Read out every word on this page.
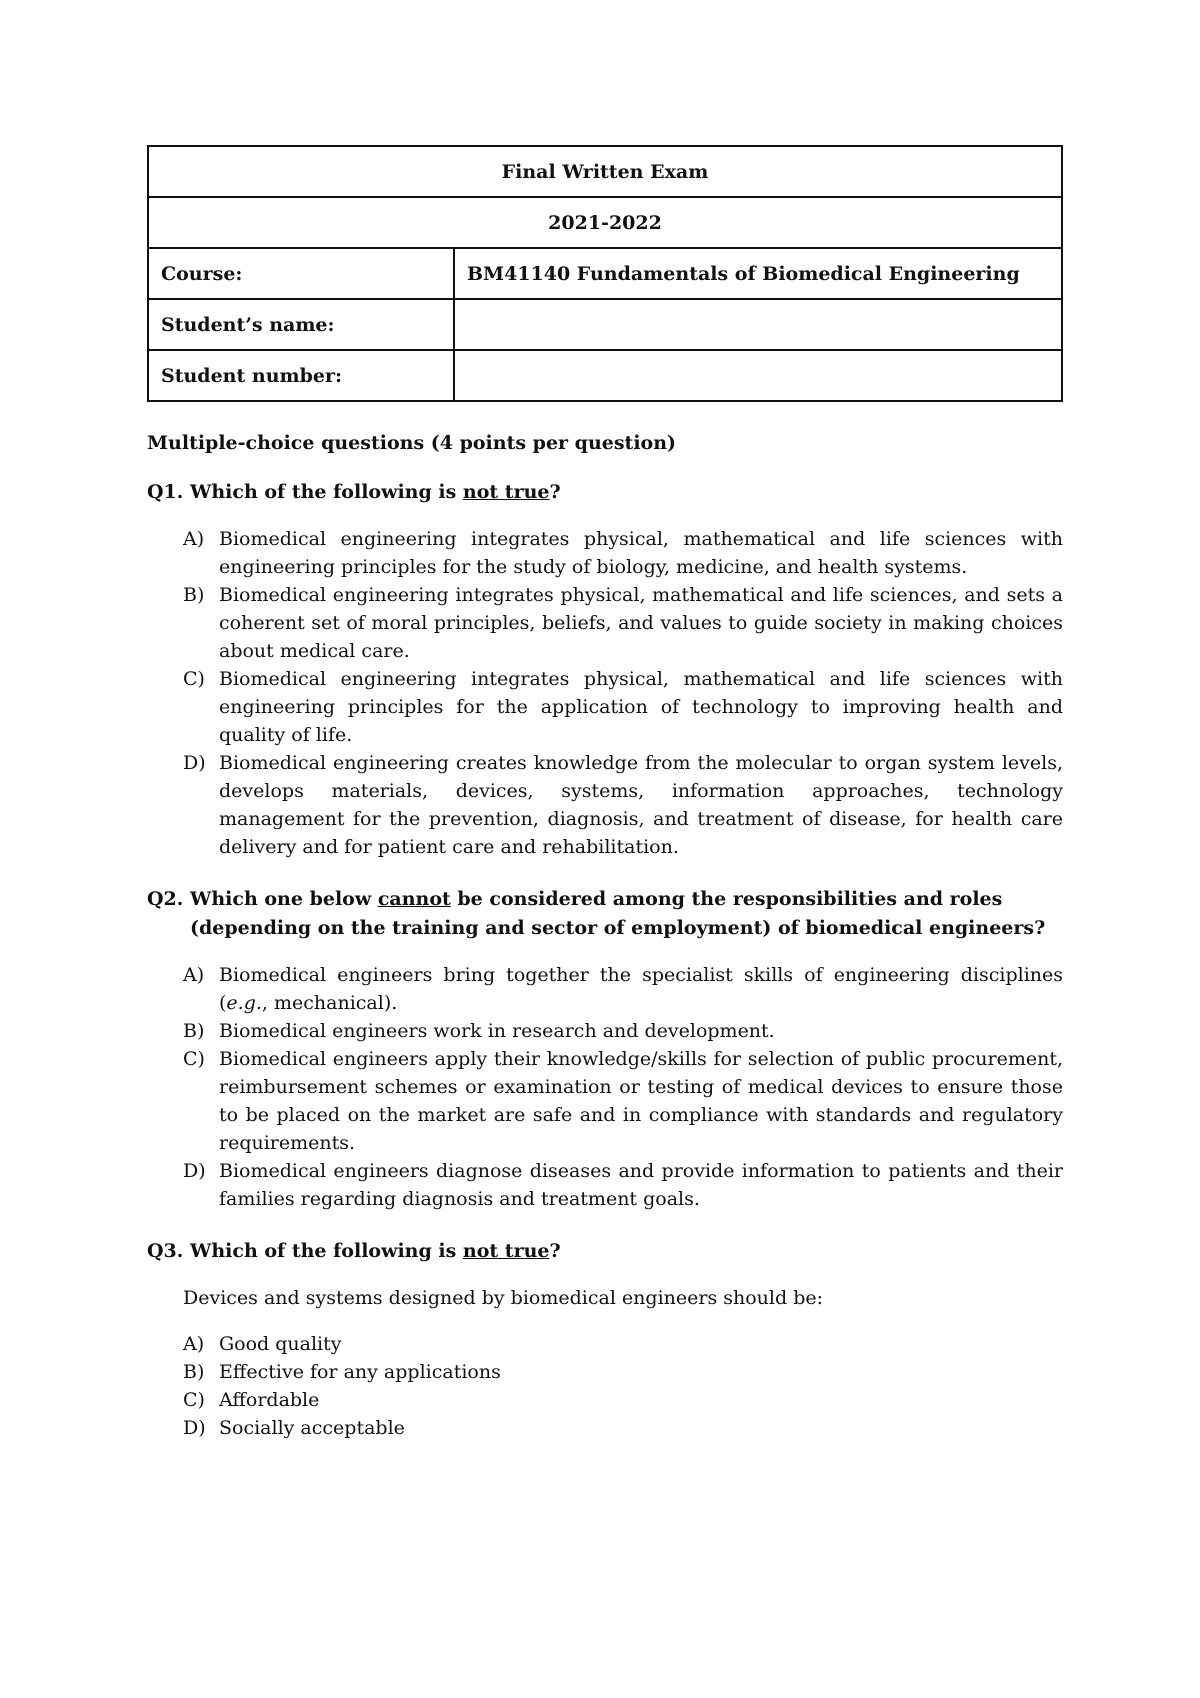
Final Written Exam	
2021-2022	
Course:	BM41140 Fundamentals of Biomedical Engineering
Student’s name:	
Student number:	
Multiple-choice questions (4 points per question)
Q1. Which of the following is not true?
A) Biomedical engineering integrates physical, mathematical and life sciences with engineering principles for the study of biology, medicine, and health systems.
B) Biomedical engineering integrates physical, mathematical and life sciences, and sets a coherent set of moral principles, beliefs, and values to guide society in making choices about medical care.
C) Biomedical engineering integrates physical, mathematical and life sciences with engineering principles for the application of technology to improving health and quality of life.
D) Biomedical engineering creates knowledge from the molecular to organ system levels, develops materials, devices, systems, information approaches, technology management for the prevention, diagnosis, and treatment of disease, for health care delivery and for patient care and rehabilitation.
Q2. Which one below cannot be considered among the responsibilities and roles (depending on the training and sector of employment) of biomedical engineers?
A) Biomedical engineers bring together the specialist skills of engineering disciplines (e.g., mechanical).
B) Biomedical engineers work in research and development.
C) Biomedical engineers apply their knowledge/skills for selection of public procurement, reimbursement schemes or examination or testing of medical devices to ensure those to be placed on the market are safe and in compliance with standards and regulatory requirements.
D) Biomedical engineers diagnose diseases and provide information to patients and their families regarding diagnosis and treatment goals.
Q3. Which of the following is not true?
Devices and systems designed by biomedical engineers should be:
A) Good quality
B) Effective for any applications
C) Affordable
D) Socially acceptable
